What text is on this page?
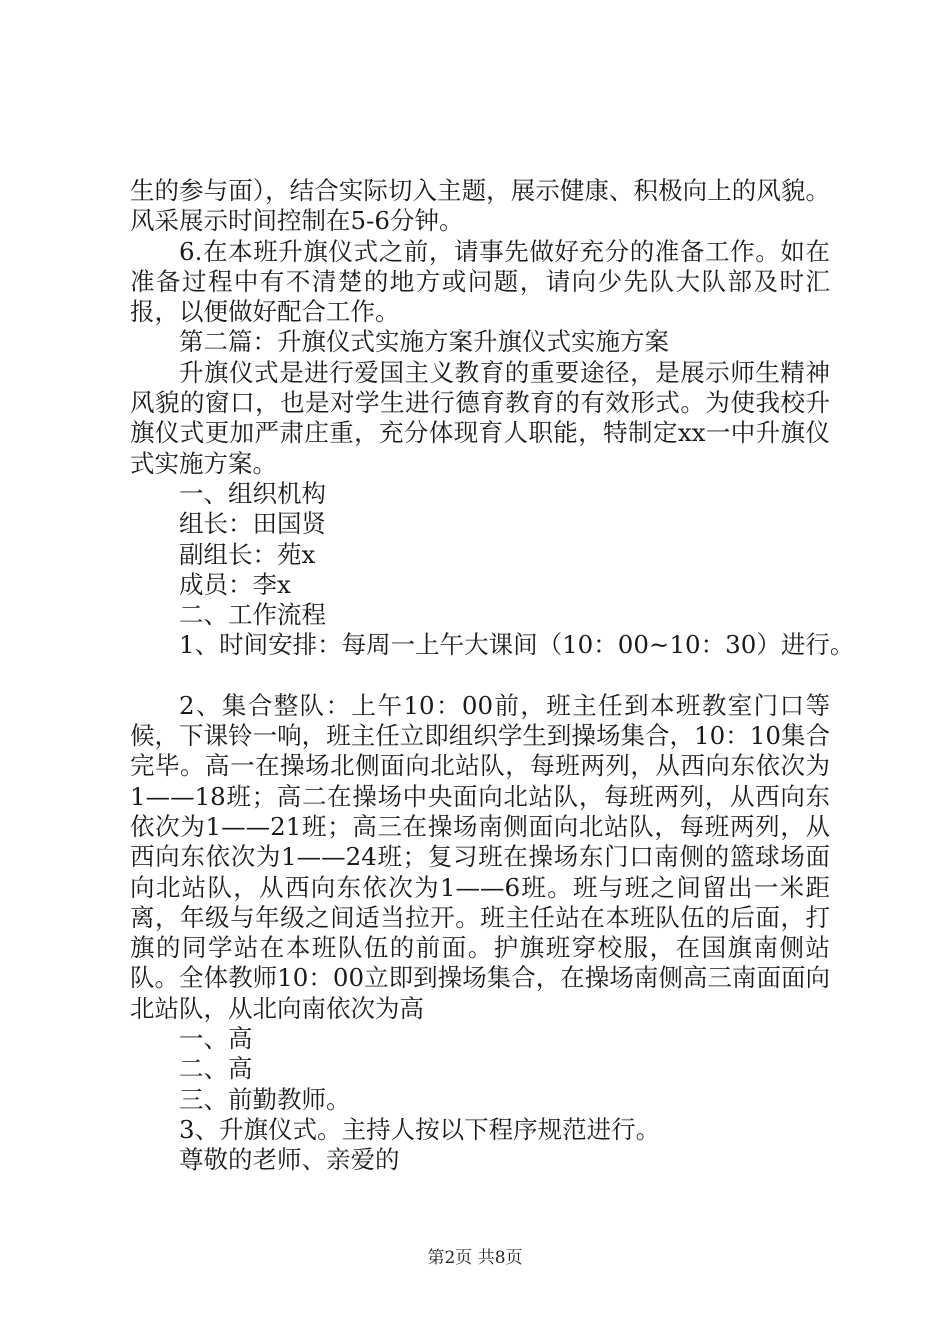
生的参与面），结合实际切入主题，展示健康、积极向上的风貌。风采展示时间控制在5-6分钟。

6.在本班升旗仪式之前，请事先做好充分的准备工作。如在准备过程中有不清楚的地方或问题，请向少先队大队部及时汇报，以便做好配合工作。

第二篇：升旗仪式实施方案升旗仪式实施方案

升旗仪式是进行爱国主义教育的重要途径，是展示师生精神风貌的窗口，也是对学生进行德育教育的有效形式。为使我校升旗仪式更加严肃庄重，充分体现育人职能，特制定xx一中升旗仪式实施方案。

一、组织机构

组长：田国贤

副组长：苑x

成员：李x

二、工作流程

1、时间安排：每周一上午大课间（10：00~10：30）进行。

2、集合整队：上午10：00前，班主任到本班教室门口等候，下课铃一响，班主任立即组织学生到操场集合，10：10集合完毕。高一在操场北侧面向北站队，每班两列，从西向东依次为1——18班；高二在操场中央面向北站队，每班两列，从西向东依次为1——21班；高三在操场南侧面向北站队，每班两列，从西向东依次为1——24班；复习班在操场东门口南侧的篮球场面向北站队，从西向东依次为1——6班。班与班之间留出一米距离，年级与年级之间适当拉开。班主任站在本班队伍的后面，打旗的同学站在本班队伍的前面。护旗班穿校服，在国旗南侧站队。全体教师10：00立即到操场集合，在操场南侧高三南面面向北站队，从北向南依次为高

一、高

二、高

三、前勤教师。

3、升旗仪式。主持人按以下程序规范进行。

尊敬的老师、亲爱的

第2页 共8页
